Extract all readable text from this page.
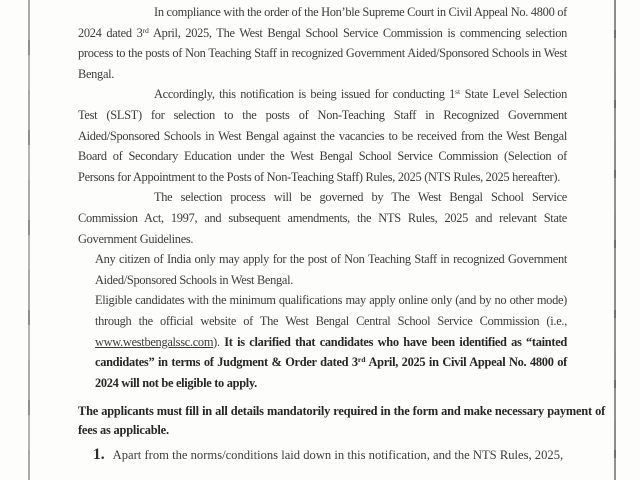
In compliance with the order of the Hon’ble Supreme Court in Civil Appeal No. 4800 of 2024 dated 3rd April, 2025, The West Bengal School Service Commission is commencing selection process to the posts of Non Teaching Staff in recognized Government Aided/Sponsored Schools in West Bengal.

Accordingly, this notification is being issued for conducting 1st State Level Selection Test (SLST) for selection to the posts of Non-Teaching Staff in Recognized Government Aided/Sponsored Schools in West Bengal against the vacancies to be received from the West Bengal Board of Secondary Education under the West Bengal School Service Commission (Selection of Persons for Appointment to the Posts of Non-Teaching Staff) Rules, 2025 (NTS Rules, 2025 hereafter).

The selection process will be governed by The West Bengal School Service Commission Act, 1997, and subsequent amendments, the NTS Rules, 2025 and relevant State Government Guidelines.

Any citizen of India only may apply for the post of Non Teaching Staff in recognized Government Aided/Sponsored Schools in West Bengal.

Eligible candidates with the minimum qualifications may apply online only (and by no other mode) through the official website of The West Bengal Central School Service Commission (i.e., www.westbengalssc.com). It is clarified that candidates who have been identified as “tainted candidates” in terms of Judgment & Order dated 3rd April, 2025 in Civil Appeal No. 4800 of 2024 will not be eligible to apply.

The applicants must fill in all details mandatorily required in the form and make necessary payment of fees as applicable.

1. Apart from the norms/conditions laid down in this notification, and the NTS Rules, 2025,
